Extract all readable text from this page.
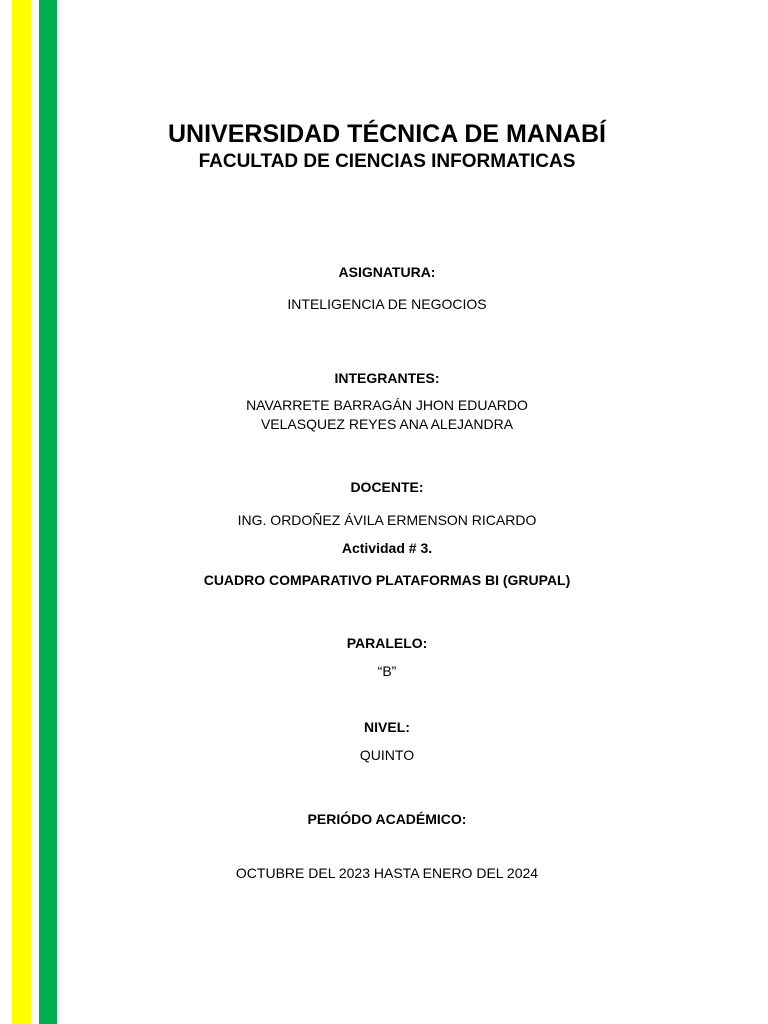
UNIVERSIDAD TÉCNICA DE MANABÍ
FACULTAD DE CIENCIAS INFORMATICAS
ASIGNATURA:
INTELIGENCIA DE NEGOCIOS
INTEGRANTES:
NAVARRETE BARRAGÁN JHON EDUARDO
VELASQUEZ REYES ANA ALEJANDRA
DOCENTE:
ING. ORDOÑEZ ÁVILA ERMENSON RICARDO
Actividad # 3.
CUADRO COMPARATIVO PLATAFORMAS BI (GRUPAL)
PARALELO:
“B”
NIVEL:
QUINTO
PERIÓDO ACADÉMICO:
OCTUBRE DEL 2023 HASTA ENERO DEL 2024
